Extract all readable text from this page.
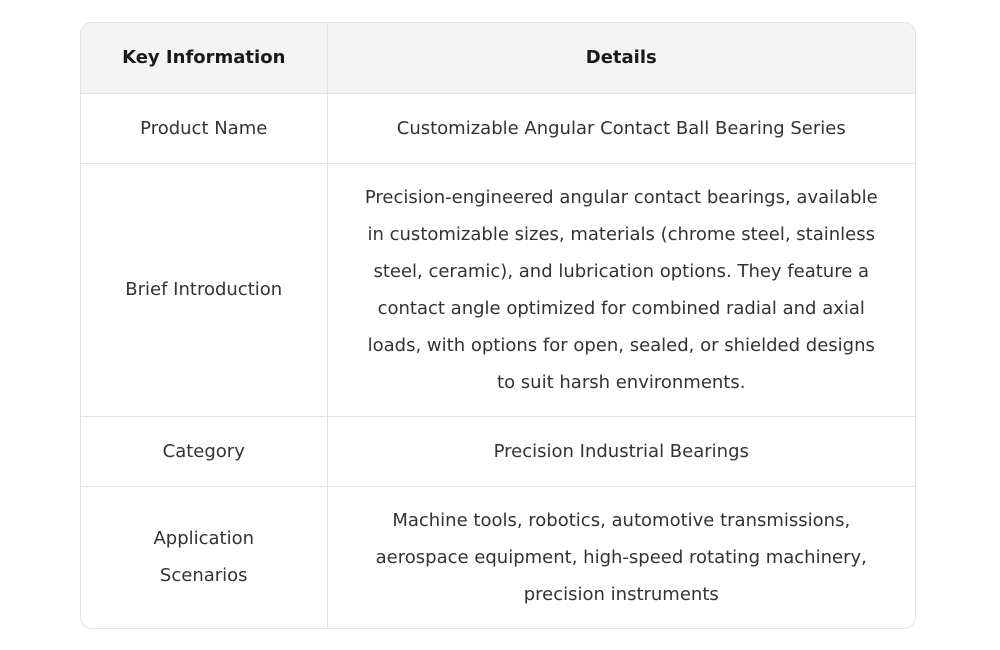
Key Information	Details
Product Name	Customizable Angular Contact Ball Bearing Series
Brief Introduction	Precision-engineered angular contact bearings, available in customizable sizes, materials (chrome steel, stainless steel, ceramic), and lubrication options. They feature a contact angle optimized for combined radial and axial loads, with options for open, sealed, or shielded designs to suit harsh environments.
Category	Precision Industrial Bearings
Application Scenarios	Machine tools, robotics, automotive transmissions, aerospace equipment, high-speed rotating machinery, precision instruments
